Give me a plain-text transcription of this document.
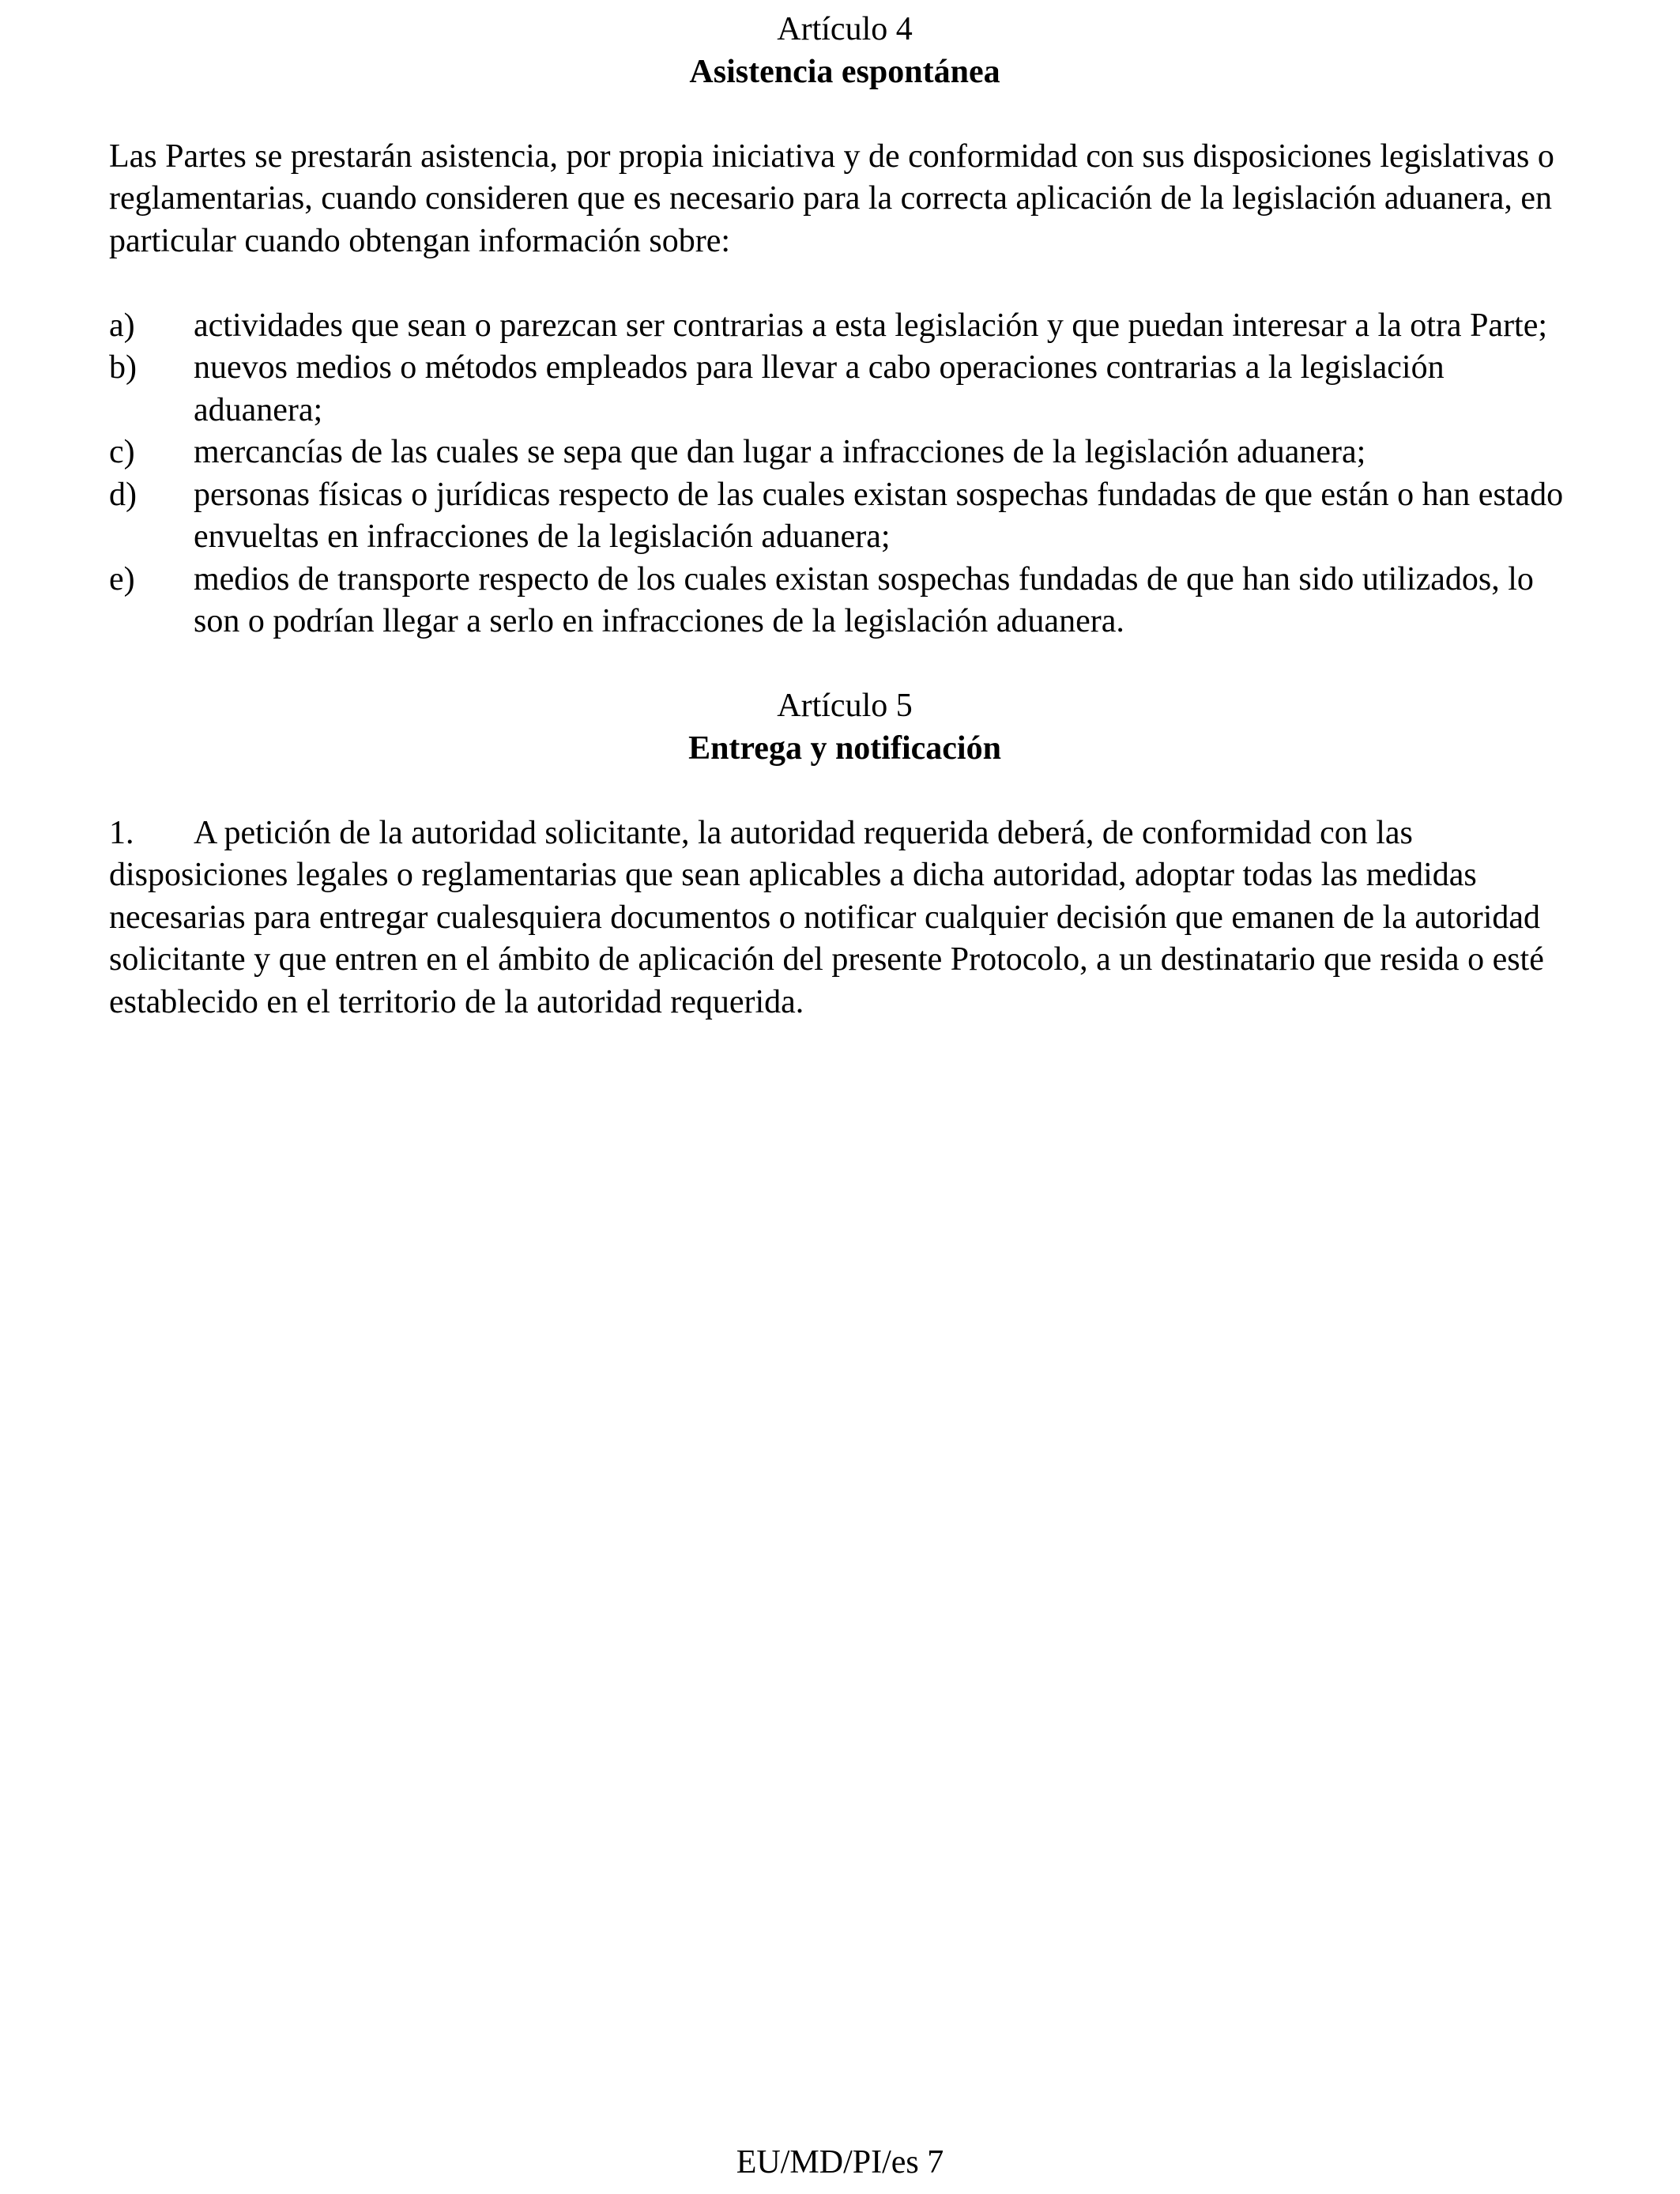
Artículo 4

Asistencia espontánea

Las Partes se prestarán asistencia, por propia iniciativa y de conformidad con sus disposiciones legislativas o reglamentarias, cuando consideren que es necesario para la correcta aplicación de la legislación aduanera, en particular cuando obtengan información sobre:

a)	actividades que sean o parezcan ser contrarias a esta legislación y que puedan interesar a la otra Parte;
b)	nuevos medios o métodos empleados para llevar a cabo operaciones contrarias a la legislación aduanera;
c)	mercancías de las cuales se sepa que dan lugar a infracciones de la legislación aduanera;
d)	personas físicas o jurídicas respecto de las cuales existan sospechas fundadas de que están o han estado envueltas en infracciones de la legislación aduanera;
e)	medios de transporte respecto de los cuales existan sospechas fundadas de que han sido utilizados, lo son o podrían llegar a serlo en infracciones de la legislación aduanera.

Artículo 5

Entrega y notificación

1. A petición de la autoridad solicitante, la autoridad requerida deberá, de conformidad con las disposiciones legales o reglamentarias que sean aplicables a dicha autoridad, adoptar todas las medidas necesarias para entregar cualesquiera documentos o notificar cualquier decisión que emanen de la autoridad solicitante y que entren en el ámbito de aplicación del presente Protocolo, a un destinatario que resida o esté establecido en el territorio de la autoridad requerida.

EU/MD/PI/es 7
